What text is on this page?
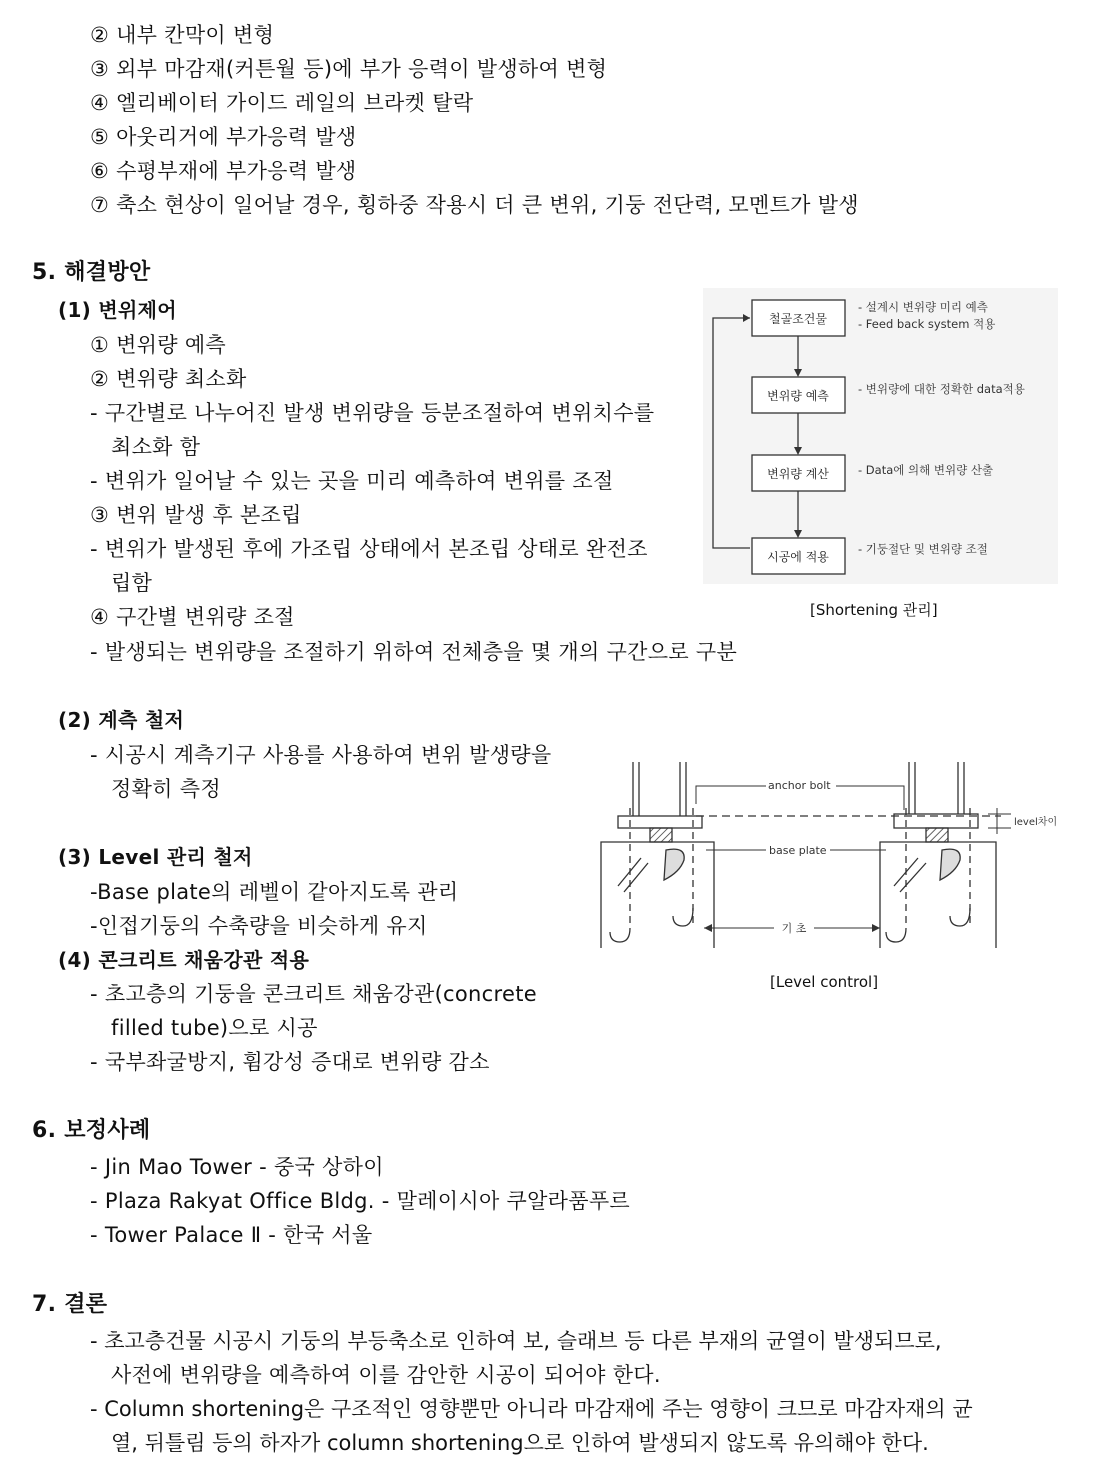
② 내부 칸막이 변형
③ 외부 마감재(커튼월 등)에 부가 응력이 발생하여 변형
④ 엘리베이터 가이드 레일의 브라켓 탈락
⑤ 아웃리거에 부가응력 발생
⑥ 수평부재에 부가응력 발생
⑦ 축소 현상이 일어날 경우, 횡하중 작용시 더 큰 변위, 기둥 전단력, 모멘트가 발생
5. 해결방안
(1) 변위제어
① 변위량 예측
② 변위량 최소화
- 구간별로 나누어진 발생 변위량을 등분조절하여 변위치수를
최소화 함
- 변위가 일어날 수 있는 곳을 미리 예측하여 변위를 조절
③ 변위 발생 후 본조립
- 변위가 발생된 후에 가조립 상태에서 본조립 상태로 완전조
립함
④ 구간별 변위량 조절
- 발생되는 변위량을 조절하기 위하여 전체층을 몇 개의 구간으로 구분
철골조건물
변위량 예측
변위량 계산
시공에 적용
- 설계시 변위량 미리 예측
- Feed back system 적용
- 변위량에 대한 정확한 data적용
- Data에 의해 변위량 산출
- 기둥절단 및 변위량 조절
[Shortening 관리]
(2) 계측 철저
- 시공시 계측기구 사용를 사용하여 변위 발생량을
정확히 측정
(3) Level 관리 철저
-Base plate의 레벨이 같아지도록 관리
-인접기둥의 수축량을 비슷하게 유지
(4) 콘크리트 채움강관 적용
- 초고층의 기둥을 콘크리트 채움강관(concrete
filled tube)으로 시공
- 국부좌굴방지, 휨강성 증대로 변위량 감소
anchor bolt
base plate
level차이
기 초
[Level control]
6. 보정사례
- Jin Mao Tower - 중국 상하이
- Plaza Rakyat Office Bldg. - 말레이시아 쿠알라품푸르
- Tower Palace Ⅱ - 한국 서울
7. 결론
- 초고층건물 시공시 기둥의 부등축소로 인하여 보, 슬래브 등 다른 부재의 균열이 발생되므로,
사전에 변위량을 예측하여 이를 감안한 시공이 되어야 한다.
- Column shortening은 구조적인 영향뿐만 아니라 마감재에 주는 영향이 크므로 마감자재의 균
열, 뒤틀림 등의 하자가 column shortening으로 인하여 발생되지 않도록 유의해야 한다.
